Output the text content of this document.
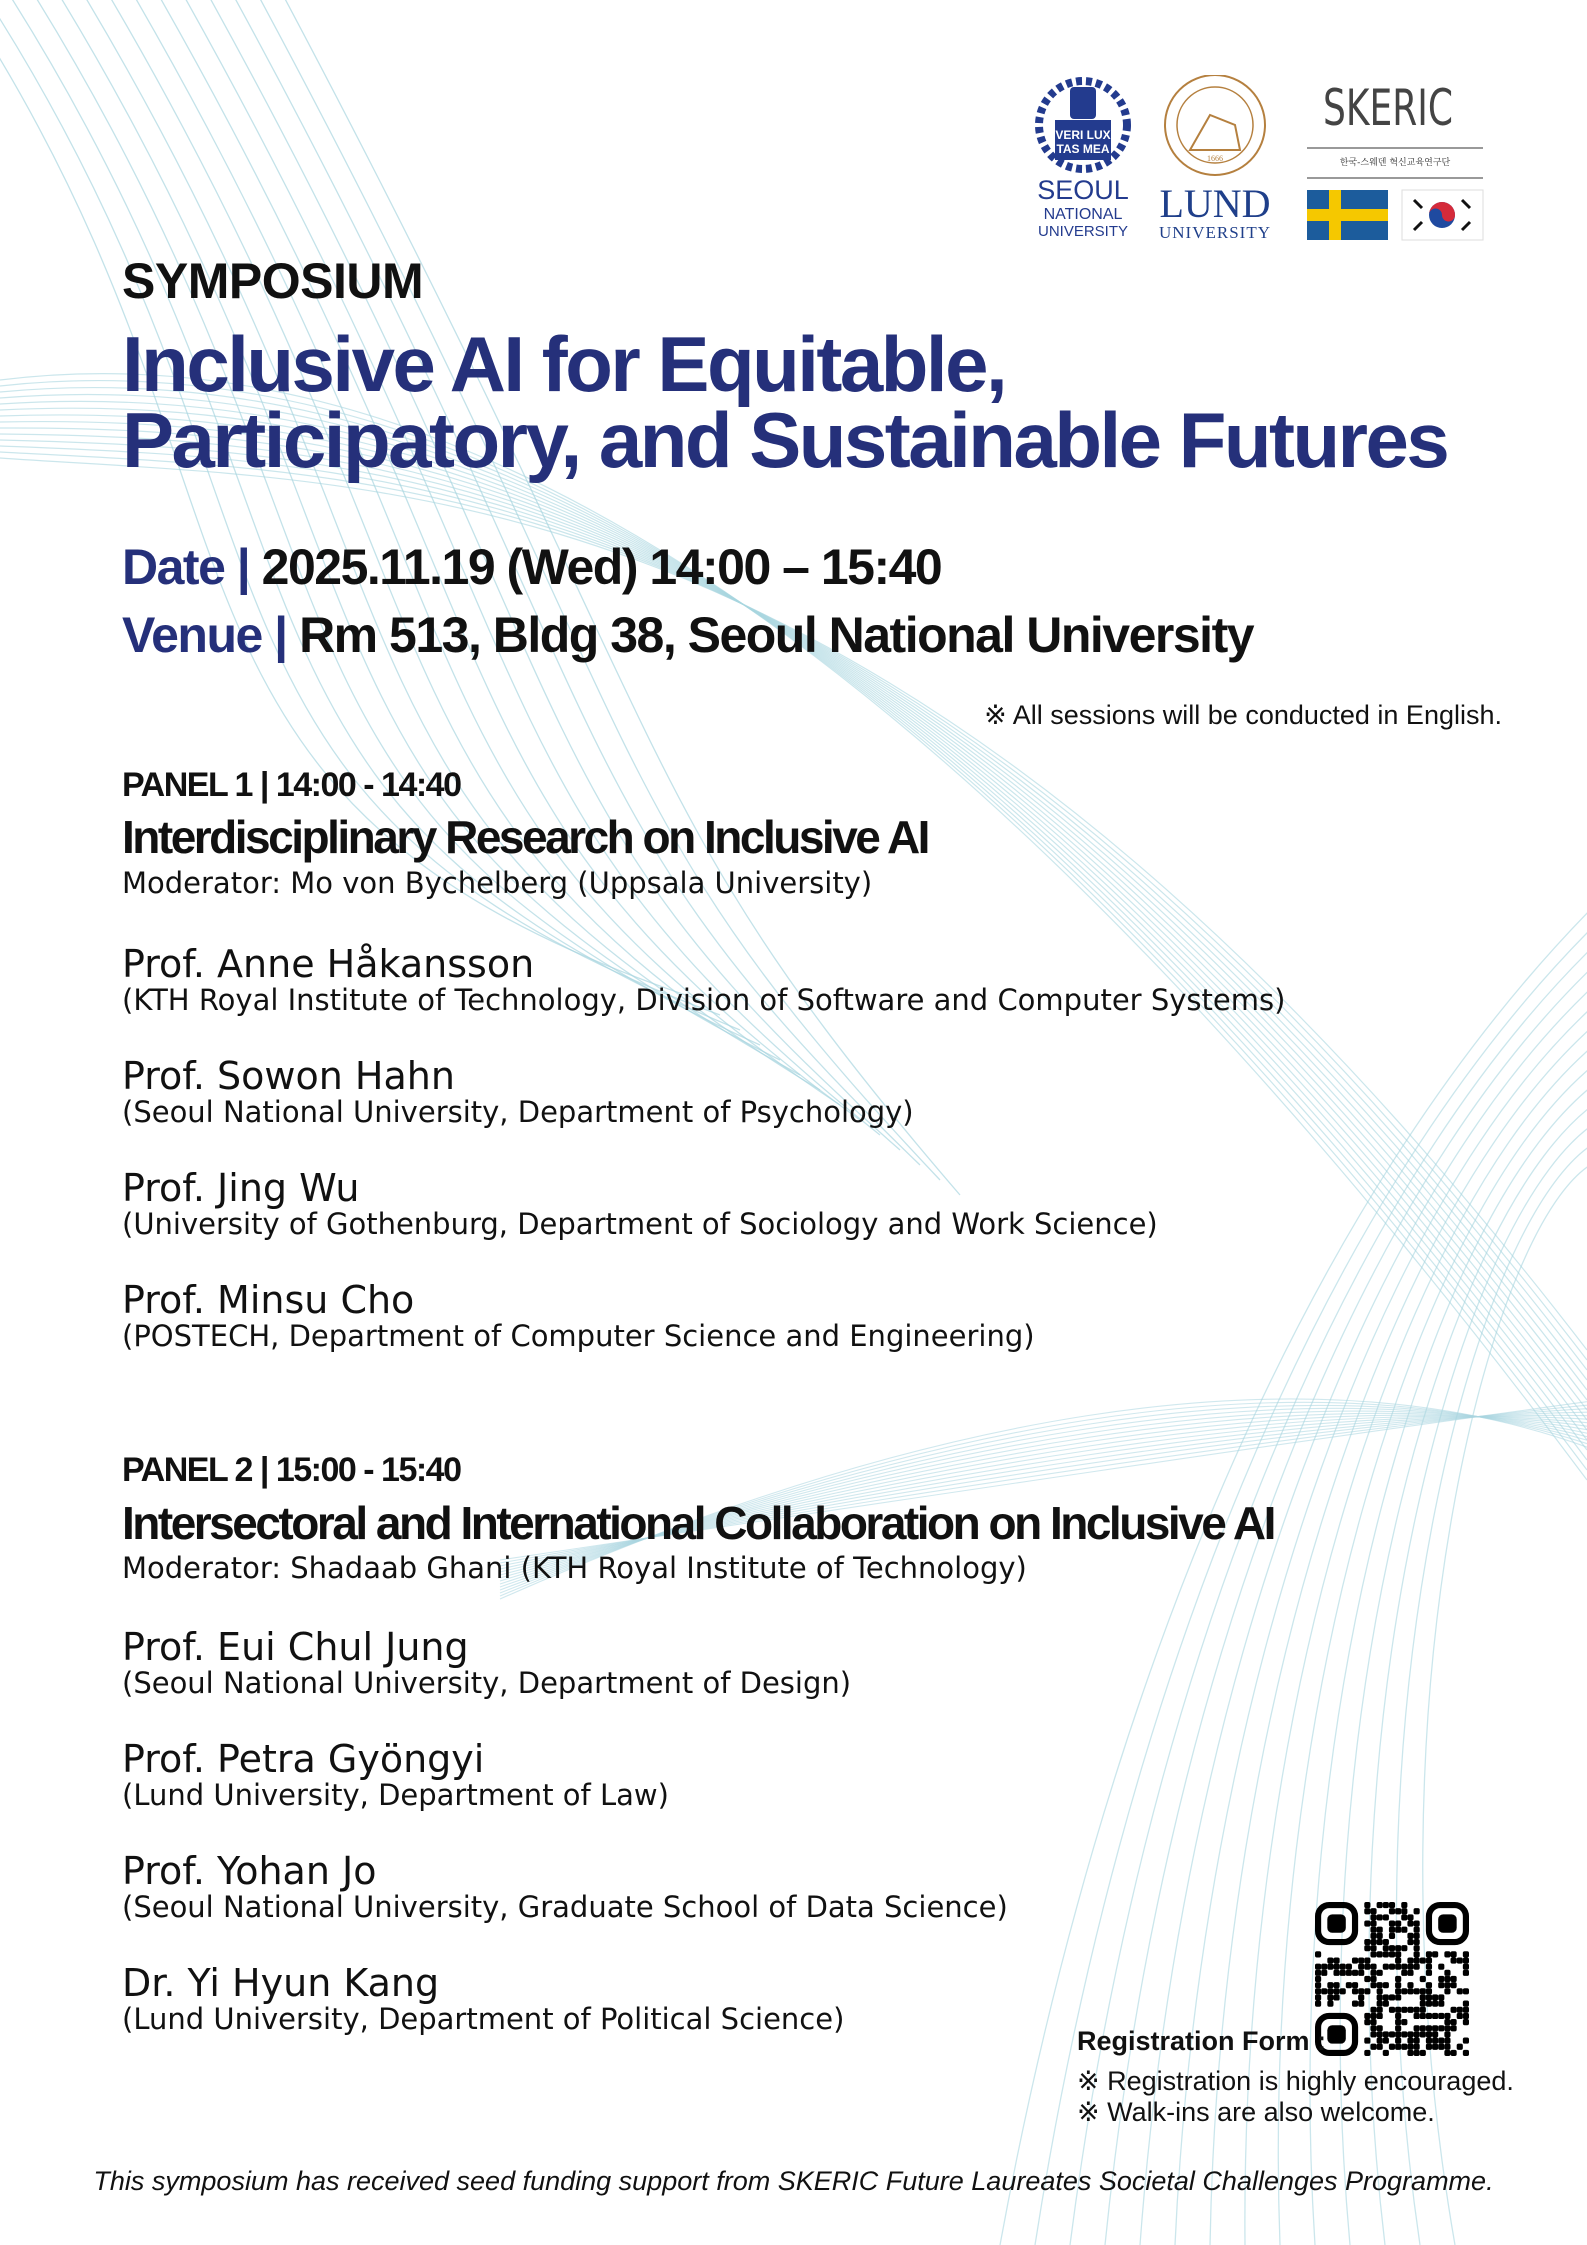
VERI LUX
TAS MEA
SEOUL
NATIONAL
UNIVERSITY
1666
LUND
UNIVERSITY
SKERIC
한국-스웨덴 혁신교육연구단
SYMPOSIUM
Inclusive AI for Equitable,
Participatory, and Sustainable Futures
Date | 2025.11.19 (Wed) 14:00 – 15:40
Venue | Rm 513, Bldg 38, Seoul National University
※ All sessions will be conducted in English.
PANEL 1 | 14:00 - 14:40
Interdisciplinary Research on Inclusive AI
Moderator: Mo von Bychelberg (Uppsala University)
Prof. Anne Håkansson
(KTH Royal Institute of Technology, Division of Software and Computer Systems)
Prof. Sowon Hahn
(Seoul National University, Department of Psychology)
Prof. Jing Wu
(University of Gothenburg, Department of Sociology and Work Science)
Prof. Minsu Cho
(POSTECH, Department of Computer Science and Engineering)
PANEL 2 | 15:00 - 15:40
Intersectoral and International Collaboration on Inclusive AI
Moderator: Shadaab Ghani (KTH Royal Institute of Technology)
Prof. Eui Chul Jung
(Seoul National University, Department of Design)
Prof. Petra Gyöngyi
(Lund University, Department of Law)
Prof. Yohan Jo
(Seoul National University, Graduate School of Data Science)
Dr. Yi Hyun Kang
(Lund University, Department of Political Science)
Registration Form :
※ Registration is highly encouraged.
※ Walk-ins are also welcome.
This symposium has received seed funding support from SKERIC Future Laureates Societal Challenges Programme.
